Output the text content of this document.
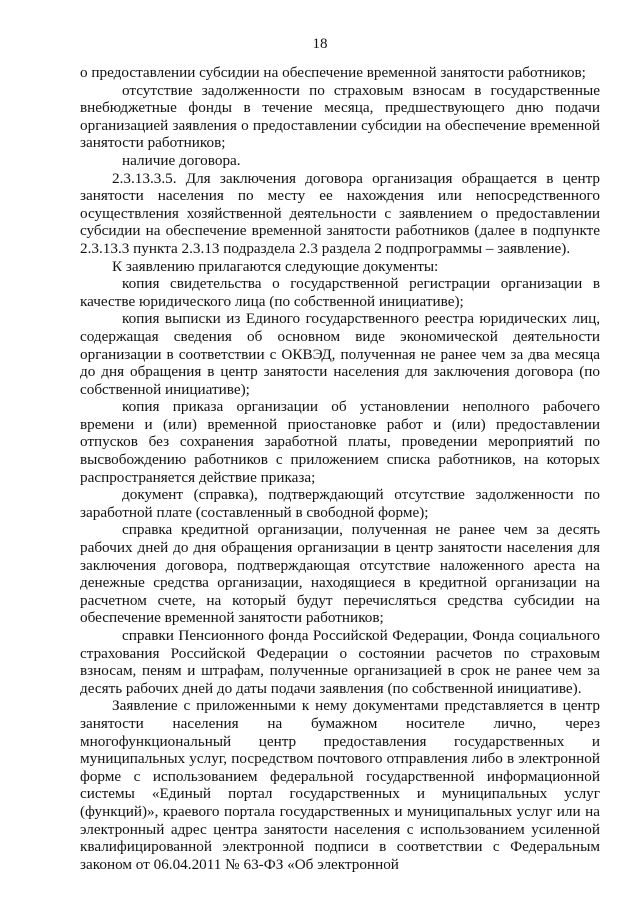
18

о предоставлении субсидии на обеспечение временной занятости работников;

отсутствие задолженности по страховым взносам в государственные внебюджетные фонды в течение месяца, предшествующего дню подачи организацией заявления о предоставлении субсидии на обеспечение временной занятости работников;

наличие договора.

2.3.13.3.5. Для заключения договора организация обращается в центр занятости населения по месту ее нахождения или непосредственного осуществления хозяйственной деятельности с заявлением о предоставлении субсидии на обеспечение временной занятости работников (далее в подпункте 2.3.13.3 пункта 2.3.13 подраздела 2.3 раздела 2 подпрограммы – заявление).

К заявлению прилагаются следующие документы:

копия свидетельства о государственной регистрации организации в качестве юридического лица (по собственной инициативе);

копия выписки из Единого государственного реестра юридических лиц, содержащая сведения об основном виде экономической деятельности организации в соответствии с ОКВЭД, полученная не ранее чем за два месяца до дня обращения в центр занятости населения для заключения договора (по собственной инициативе);

копия приказа организации об установлении неполного рабочего времени и (или) временной приостановке работ и (или) предоставлении отпусков без сохранения заработной платы, проведении мероприятий по высвобождению работников с приложением списка работников, на которых распространяется действие приказа;

документ (справка), подтверждающий отсутствие задолженности по заработной плате (составленный в свободной форме);

справка кредитной организации, полученная не ранее чем за десять рабочих дней до дня обращения организации в центр занятости населения для заключения договора, подтверждающая отсутствие наложенного ареста на денежные средства организации, находящиеся в кредитной организации на расчетном счете, на который будут перечисляться средства субсидии на обеспечение временной занятости работников;

справки Пенсионного фонда Российской Федерации, Фонда социального страхования Российской Федерации о состоянии расчетов по страховым взносам, пеням и штрафам, полученные организацией в срок не ранее чем за десять рабочих дней до даты подачи заявления (по собственной инициативе).

Заявление с приложенными к нему документами представляется в центр занятости населения на бумажном носителе лично, через многофункциональный центр предоставления государственных и муниципальных услуг, посредством почтового отправления либо в электронной форме с использованием федеральной государственной информационной системы «Единый портал государственных и муниципальных услуг (функций)», краевого портала государственных и муниципальных услуг или на электронный адрес центра занятости населения с использованием усиленной квалифицированной электронной подписи в соответствии с Федеральным законом от 06.04.2011 № 63-ФЗ «Об электронной
